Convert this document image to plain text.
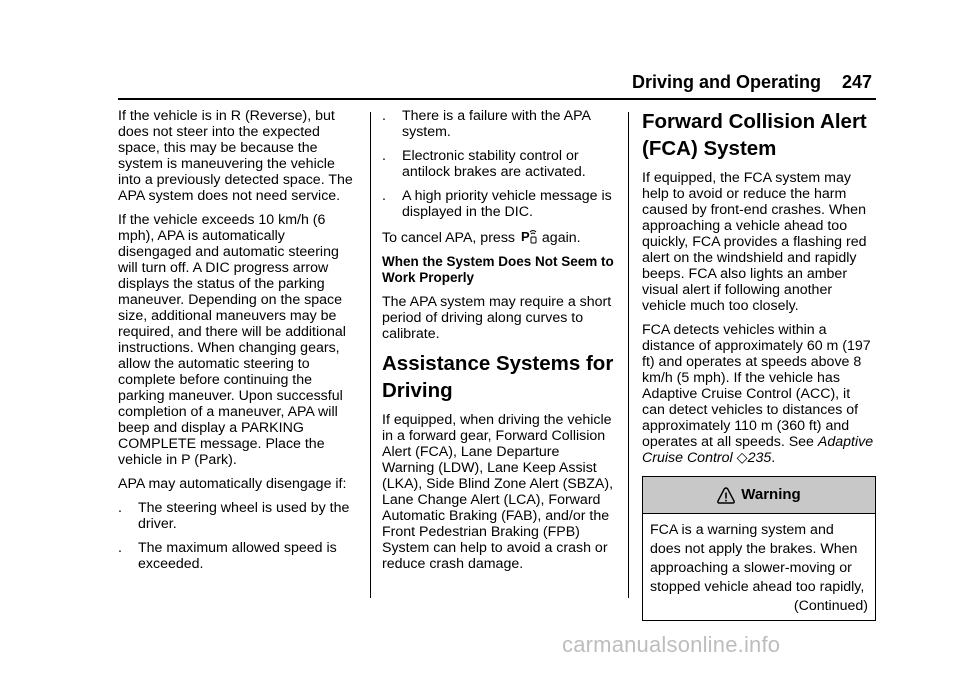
Driving and Operating 247

If the vehicle is in R (Reverse), but does not steer into the expected space, this may be because the system is maneuvering the vehicle into a previously detected space. The APA system does not need service.

If the vehicle exceeds 10 km/h (6 mph), APA is automatically disengaged and automatic steering will turn off. A DIC progress arrow displays the status of the parking maneuver. Depending on the space size, additional maneuvers may be required, and there will be additional instructions. When changing gears, allow the automatic steering to complete before continuing the parking maneuver. Upon successful completion of a maneuver, APA will beep and display a PARKING COMPLETE message. Place the vehicle in P (Park).

APA may automatically disengage if:

. The steering wheel is used by the driver.
. The maximum allowed speed is exceeded.
. There is a failure with the APA system.
. Electronic stability control or antilock brakes are activated.
. A high priority vehicle message is displayed in the DIC.

To cancel APA, press P again.

When the System Does Not Seem to Work Properly

The APA system may require a short period of driving along curves to calibrate.

Assistance Systems for Driving

If equipped, when driving the vehicle in a forward gear, Forward Collision Alert (FCA), Lane Departure Warning (LDW), Lane Keep Assist (LKA), Side Blind Zone Alert (SBZA), Lane Change Alert (LCA), Forward Automatic Braking (FAB), and/or the Front Pedestrian Braking (FPB) System can help to avoid a crash or reduce crash damage.

Forward Collision Alert (FCA) System

If equipped, the FCA system may help to avoid or reduce the harm caused by front-end crashes. When approaching a vehicle ahead too quickly, FCA provides a flashing red alert on the windshield and rapidly beeps. FCA also lights an amber visual alert if following another vehicle much too closely.

FCA detects vehicles within a distance of approximately 60 m (197 ft) and operates at speeds above 8 km/h (5 mph). If the vehicle has Adaptive Cruise Control (ACC), it can detect vehicles to distances of approximately 110 m (360 ft) and operates at all speeds. See Adaptive Cruise Control ◇235.

Warning
FCA is a warning system and does not apply the brakes. When approaching a slower-moving or stopped vehicle ahead too rapidly,
(Continued)
carmanualsonline.info
